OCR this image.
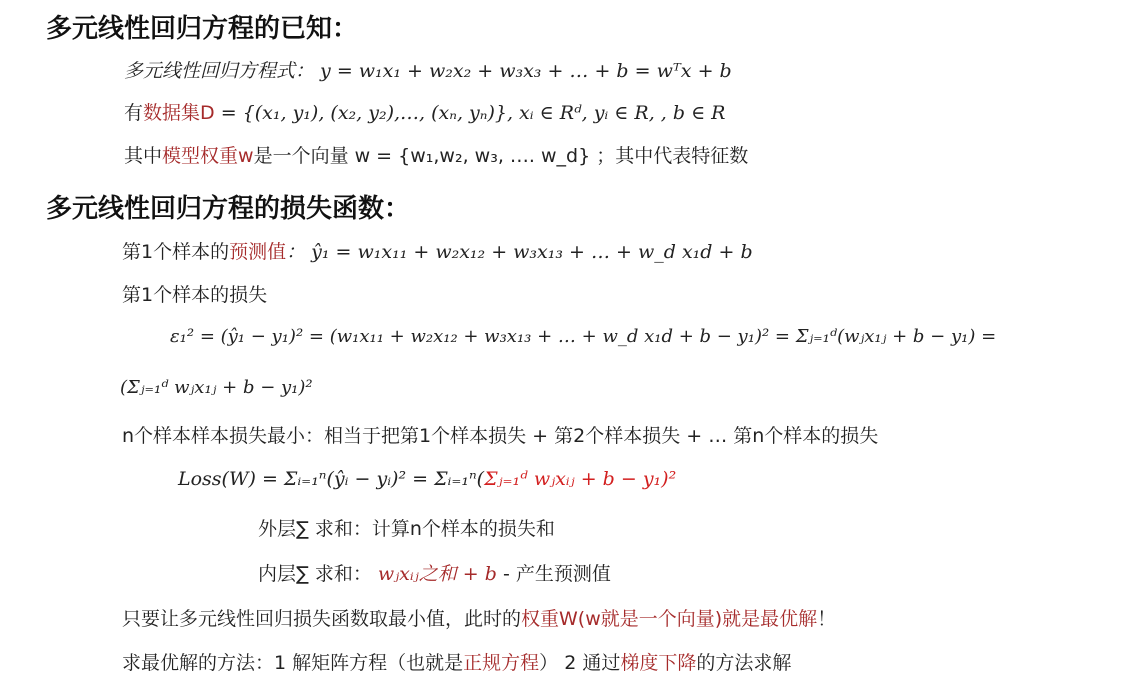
多元线性回归方程的已知：
多元线性回归方程式： y = w₁x₁ + w₂x₂ + w₃x₃ + … + b = wᵀx + b
有数据集D = {(x₁, y₁), (x₂, y₂),…, (xₙ, yₙ)}, xᵢ ∈ Rᵈ, yᵢ ∈ R, , b ∈ R
其中模型权重w是一个向量 w = {w₁,w₂, w₃, …. w_d} ；其中代表特征数
多元线性回归方程的损失函数：
第1个样本的预测值： ŷ₁ = w₁x₁₁ + w₂x₁₂ + w₃x₁₃ + … + w_d x₁d + b
第1个样本的损失
ε₁² = (ŷ₁ − y₁)² = (w₁x₁₁ + w₂x₁₂ + w₃x₁₃ + … + w_d x₁d + b − y₁)² = Σⱼ₌₁ᵈ(wⱼx₁ⱼ + b − y₁) =
(Σⱼ₌₁ᵈ wⱼx₁ⱼ + b − y₁)²
n个样本样本损失最小：相当于把第1个样本损失 + 第2个样本损失 + … 第n个样本的损失
Loss(W) = Σᵢ₌₁ⁿ(ŷᵢ − yᵢ)² = Σᵢ₌₁ⁿ(Σⱼ₌₁ᵈ wⱼxᵢⱼ + b − y₁)²
外层∑ 求和：计算n个样本的损失和
内层∑ 求和： wⱼxᵢⱼ之和 + b - 产生预测值
只要让多元线性回归损失函数取最小值，此时的权重W(w就是一个向量)就是最优解！
求最优解的方法：1 解矩阵方程（也就是正规方程） 2 通过梯度下降的方法求解
